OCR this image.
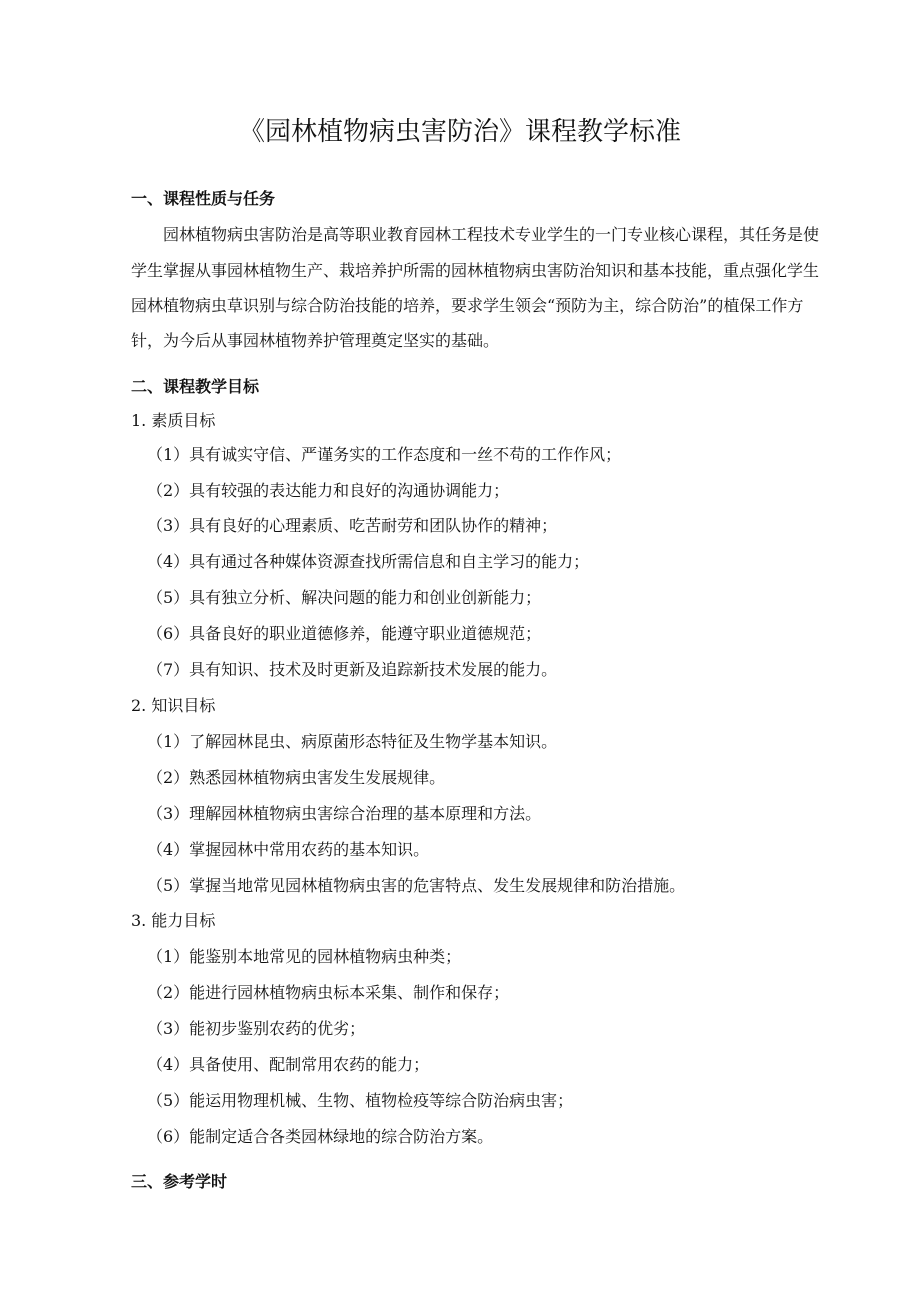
《园林植物病虫害防治》课程教学标准
一、课程性质与任务
园林植物病虫害防治是高等职业教育园林工程技术专业学生的一门专业核心课程，其任务是使
学生掌握从事园林植物生产、栽培养护所需的园林植物病虫害防治知识和基本技能，重点强化学生
园林植物病虫草识别与综合防治技能的培养，要求学生领会“预防为主，综合防治”的植保工作方
针，为今后从事园林植物养护管理奠定坚实的基础。
二、课程教学目标
1. 素质目标
（1）具有诚实守信、严谨务实的工作态度和一丝不苟的工作作风；
（2）具有较强的表达能力和良好的沟通协调能力；
（3）具有良好的心理素质、吃苦耐劳和团队协作的精神；
（4）具有通过各种媒体资源查找所需信息和自主学习的能力；
（5）具有独立分析、解决问题的能力和创业创新能力；
（6）具备良好的职业道德修养，能遵守职业道德规范；
（7）具有知识、技术及时更新及追踪新技术发展的能力。
2. 知识目标
（1）了解园林昆虫、病原菌形态特征及生物学基本知识。
（2）熟悉园林植物病虫害发生发展规律。
（3）理解园林植物病虫害综合治理的基本原理和方法。
（4）掌握园林中常用农药的基本知识。
（5）掌握当地常见园林植物病虫害的危害特点、发生发展规律和防治措施。
3. 能力目标
（1）能鉴别本地常见的园林植物病虫种类；
（2）能进行园林植物病虫标本采集、制作和保存；
（3）能初步鉴别农药的优劣；
（4）具备使用、配制常用农药的能力；
（5）能运用物理机械、生物、植物检疫等综合防治病虫害；
（6）能制定适合各类园林绿地的综合防治方案。
三、参考学时
